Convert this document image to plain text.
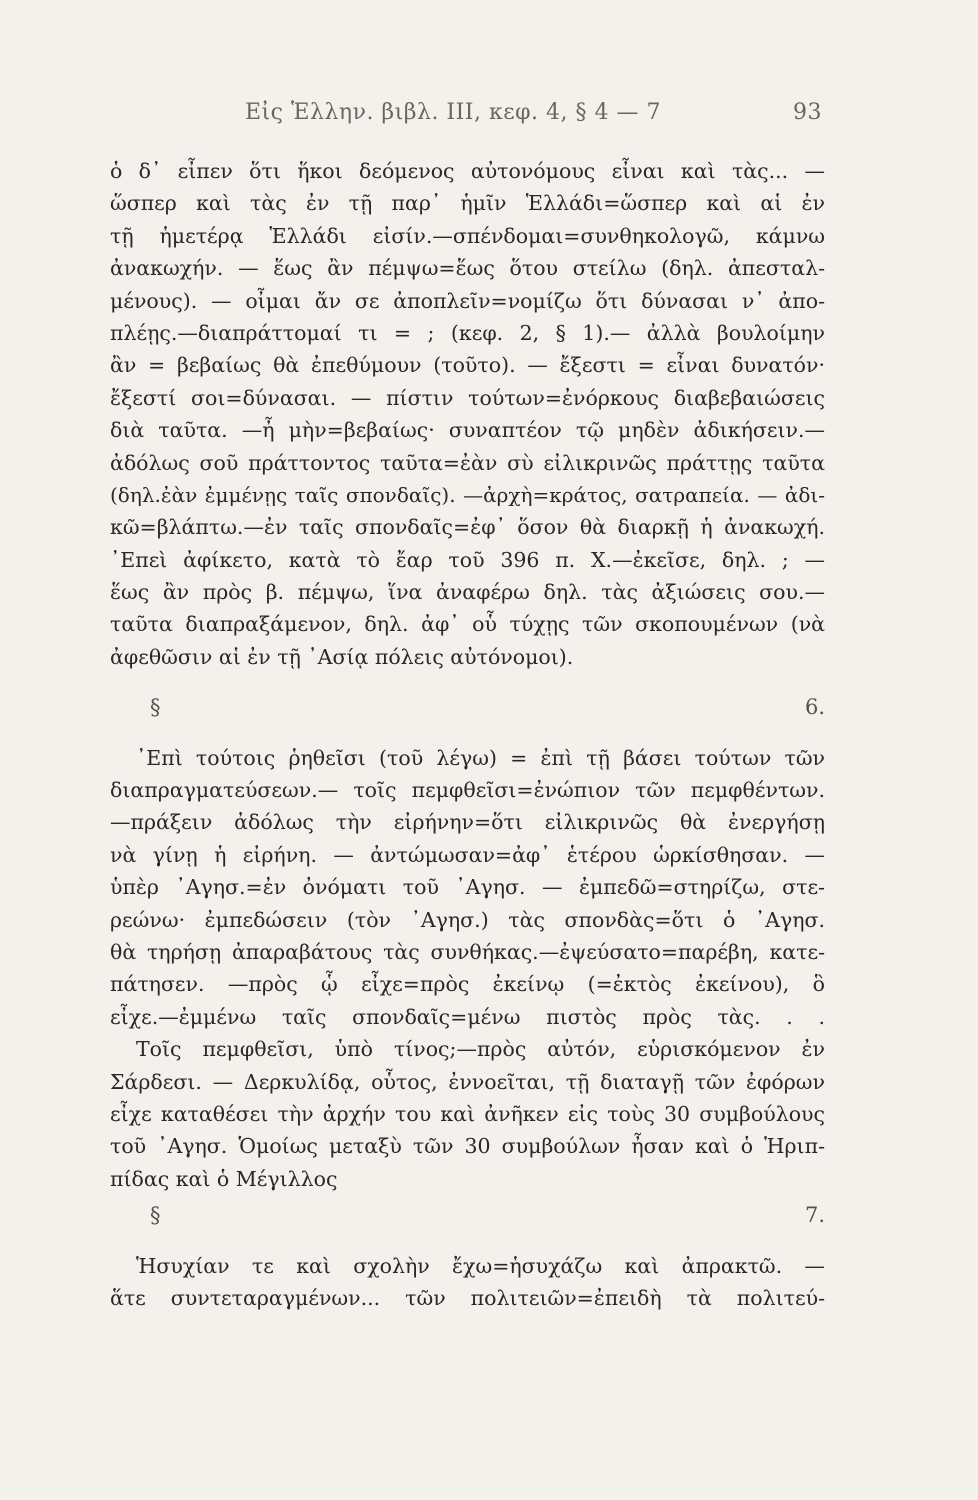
Εἰς Ἑλλην. βιβλ. III, κεφ. 4, § 4 — 7	93
ὁ δ᾽ εἶπεν ὅτι ἥκοι δεόμενος αὐτονόμους εἶναι καὶ τὰς... —
ὥσπερ καὶ τὰς ἐν τῇ παρ᾽ ἡμῖν Ἑλλάδι=ὥσπερ καὶ αἱ ἐν
τῇ ἡμετέρᾳ Ἑλλάδι εἰσίν.—σπένδομαι=συνθηκολογῶ, κάμνω
ἀνακωχήν. — ἕως ἂν πέμψω=ἕως ὅτου στείλω (δηλ. ἀπεσταλ-
μένους). — οἶμαι ἄν σε ἀποπλεῖν=νομίζω ὅτι δύνασαι ν᾽ ἀπο-
πλέῃς.—διαπράττομαί τι = ; (κεφ. 2, § 1).— ἀλλὰ βουλοίμην
ἂν = βεβαίως θὰ ἐπεθύμουν (τοῦτο). — ἔξεστι = εἶναι δυνατόν·
ἔξεστί σοι=δύνασαι. — πίστιν τούτων=ἐνόρκους διαβεβαιώσεις
διὰ ταῦτα. —ἦ μὴν=βεβαίως· συναπτέον τῷ μηδὲν ἀδικήσειν.—
ἀδόλως σοῦ πράττοντος ταῦτα=ἐὰν σὺ εἰλικρινῶς πράττῃς ταῦτα
(δηλ.ἐὰν ἐμμένῃς ταῖς σπονδαῖς). —ἀρχὴ=κράτος, σατραπεία. — ἀδι-
κῶ=βλάπτω.—ἐν ταῖς σπονδαῖς=ἐφ᾽ ὅσον θὰ διαρκῇ ἡ ἀνακωχή.
᾿Επεὶ ἀφίκετο, κατὰ τὸ ἔαρ τοῦ 396 π. Χ.—ἐκεῖσε, δηλ. ; —
ἕως ἂν πρὸς β. πέμψω, ἵνα ἀναφέρω δηλ. τὰς ἀξιώσεις σου.—
ταῦτα διαπραξάμενον, δηλ. ἀφ᾽ οὗ τύχῃς τῶν σκοπουμένων (νὰ
ἀφεθῶσιν αἱ ἐν τῇ ᾿Ασίᾳ πόλεις αὐτόνομοι).
§ 6.
᾿Επὶ τούτοις ῥηθεῖσι (τοῦ λέγω) = ἐπὶ τῇ βάσει τούτων τῶν
διαπραγματεύσεων.— τοῖς πεμφθεῖσι=ἐνώπιον τῶν πεμφθέντων.
—πράξειν ἀδόλως τὴν εἰρήνην=ὅτι εἰλικρινῶς θὰ ἐνεργήσῃ
νὰ γίνῃ ἡ εἰρήνη. — ἀντώμωσαν=ἀφ᾽ ἑτέρου ὡρκίσθησαν. —
ὑπὲρ ᾿Αγησ.=ἐν ὀνόματι τοῦ ᾿Αγησ. — ἐμπεδῶ=στηρίζω, στε-
ρεώνω· ἐμπεδώσειν (τὸν ᾿Αγησ.) τὰς σπονδὰς=ὅτι ὁ ᾿Αγησ.
θὰ τηρήσῃ ἀπαραβάτους τὰς συνθήκας.—ἐψεύσατο=παρέβη, κατε-
πάτησεν. —πρὸς ᾧ εἶχε=πρὸς ἐκείνῳ (=ἐκτὸς ἐκείνου), ὃ
εἶχε.—ἐμμένω ταῖς σπονδαῖς=μένω πιστὸς πρὸς τὰς. . .
Τοῖς πεμφθεῖσι, ὑπὸ τίνος;—πρὸς αὐτόν, εὑρισκόμενον ἐν
Σάρδεσι. — Δερκυλίδᾳ, οὗτος, ἐννοεῖται, τῇ διαταγῇ τῶν ἐφόρων
εἶχε καταθέσει τὴν ἀρχήν του καὶ ἀνῆκεν εἰς τοὺς 30 συμβούλους
τοῦ ᾿Αγησ. Ὁμοίως μεταξὺ τῶν 30 συμβούλων ἦσαν καὶ ὁ Ἡριπ-
πίδας καὶ ὁ Μέγιλλος
§ 7.
Ἡσυχίαν τε καὶ σχολὴν ἔχω=ἡσυχάζω καὶ ἀπρακτῶ. —
ἅτε συντεταραγμένων... τῶν πολιτειῶν=ἐπειδὴ τὰ πολιτεύ-
